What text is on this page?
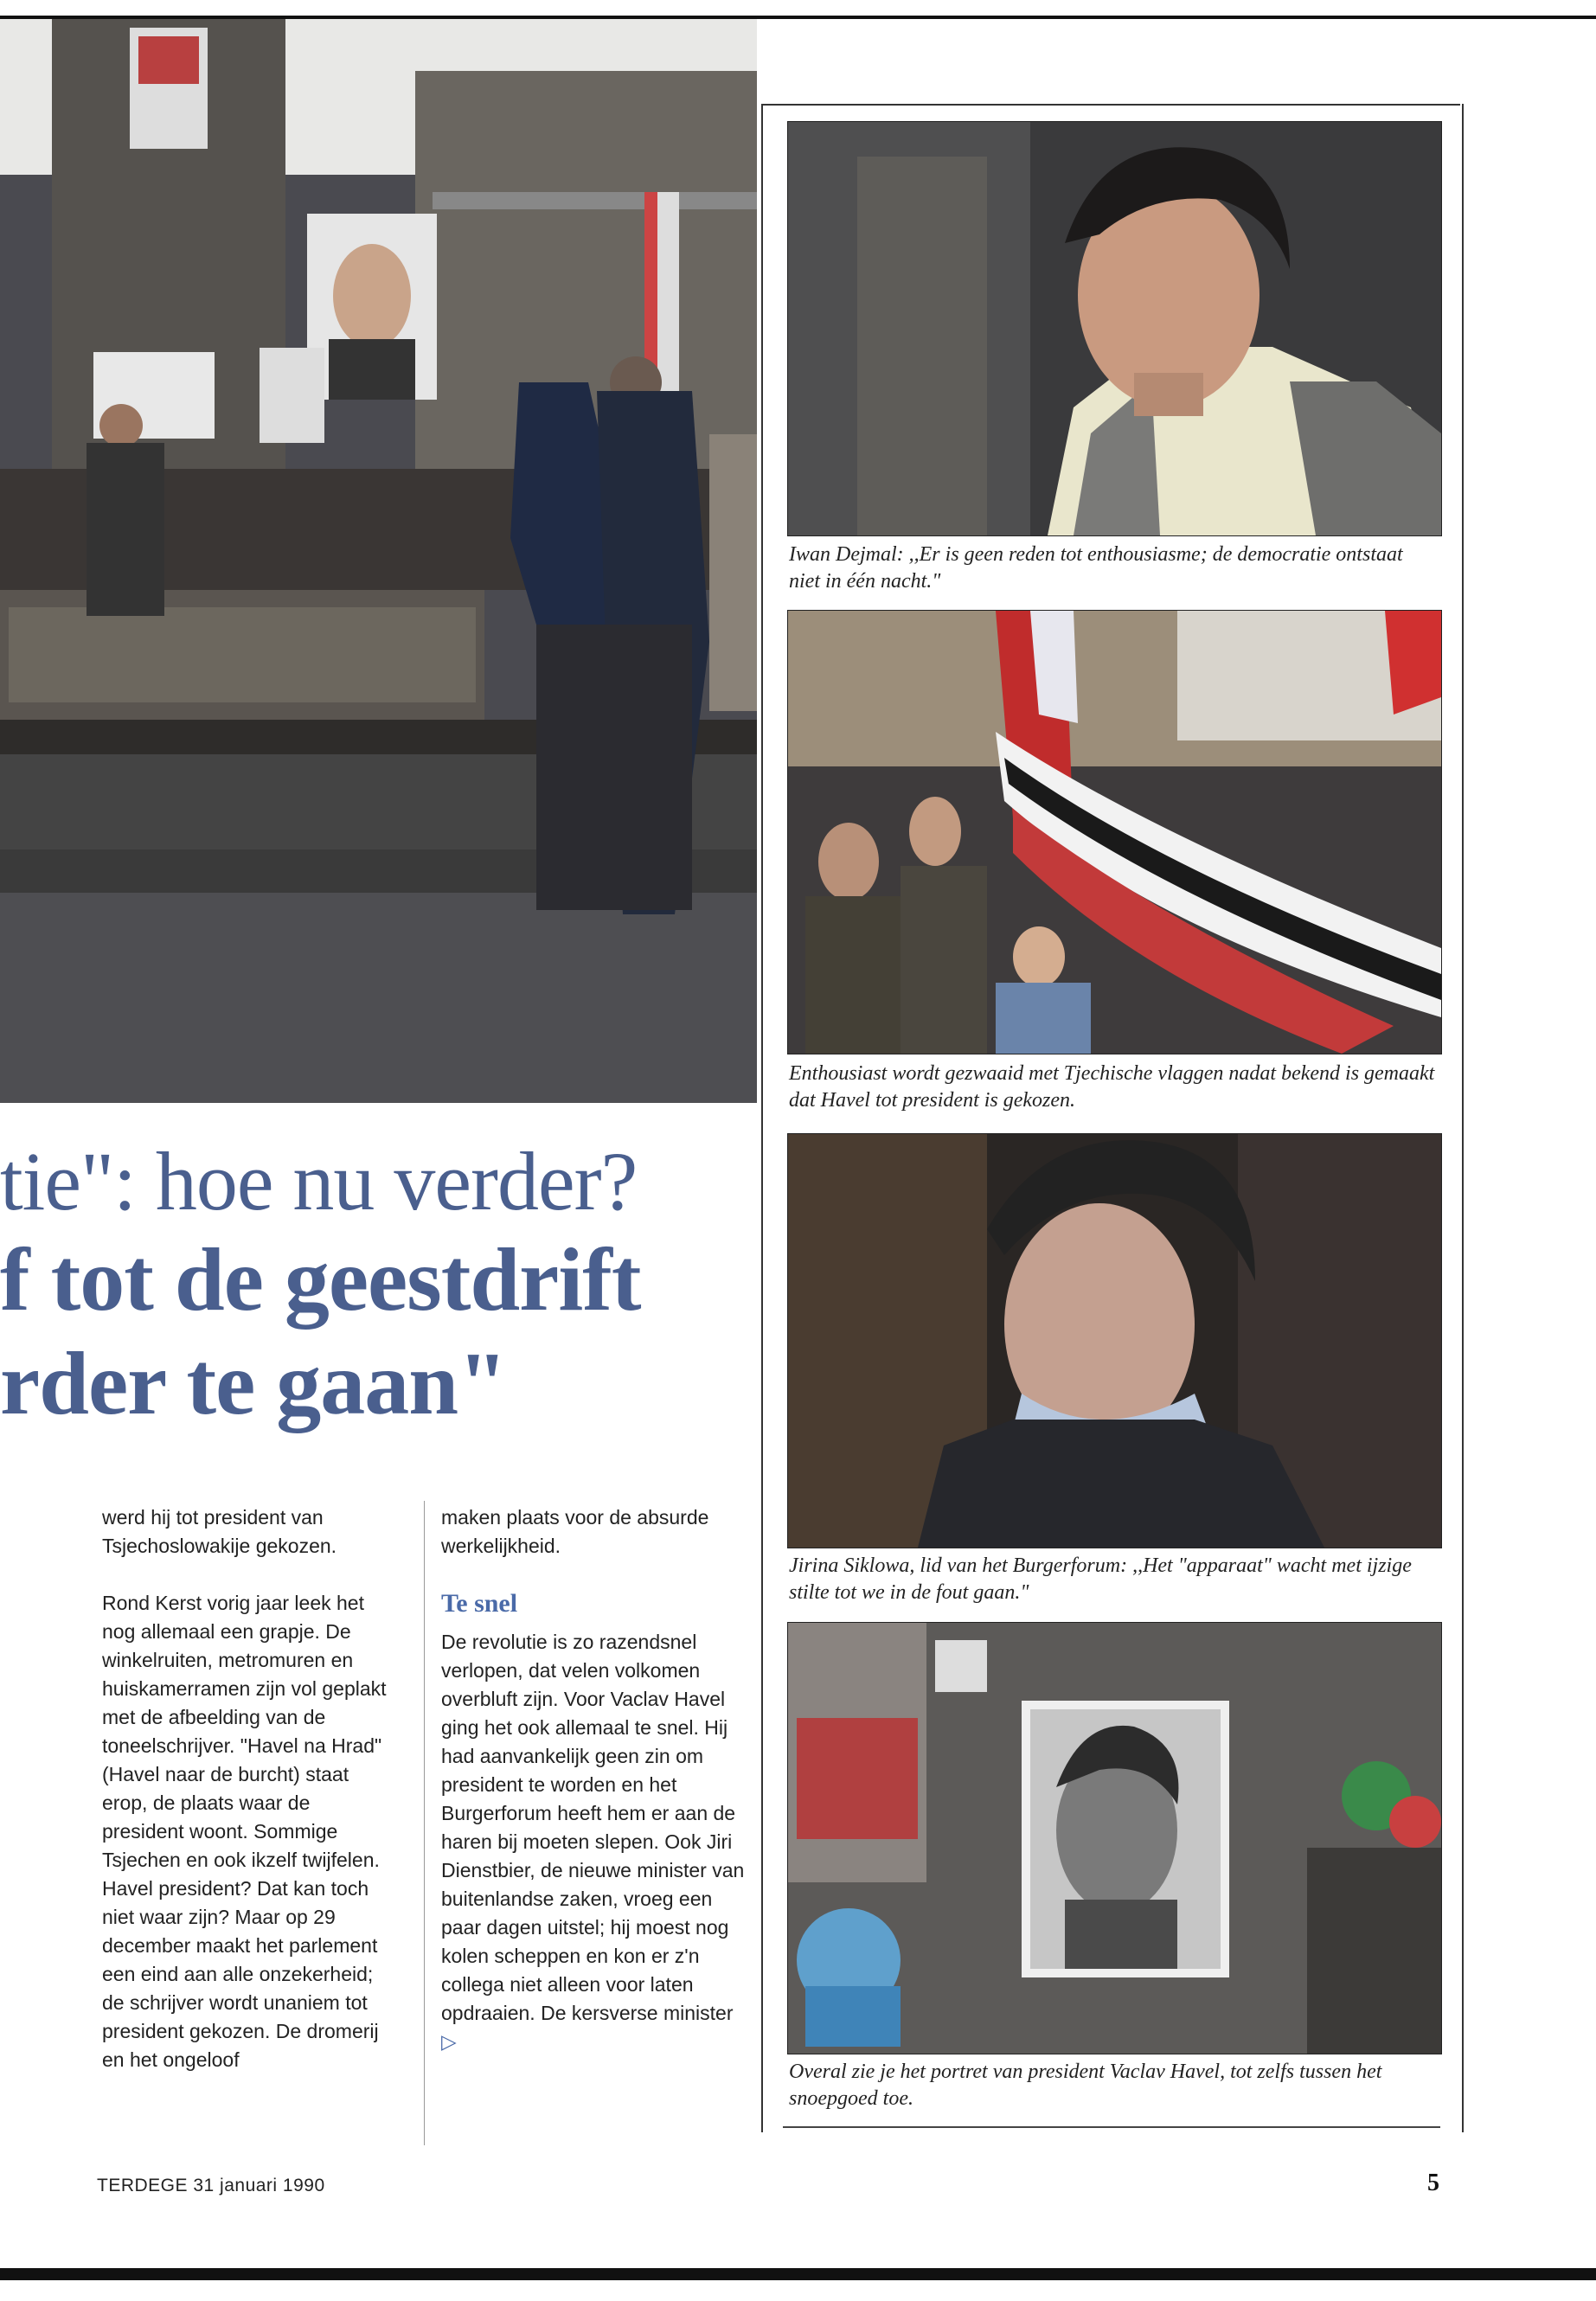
Iwan Dejmal: ,,Er is geen reden tot enthousiasme; de democratie ontstaat niet in één nacht."
Enthousiast wordt gezwaaid met Tjechische vlaggen nadat bekend is gemaakt dat Havel tot president is gekozen.
Jirina Siklowa, lid van het Burgerforum: ,,Het "apparaat" wacht met ijzige stilte tot we in de fout gaan."
Overal zie je het portret van president Vaclav Havel, tot zelfs tussen het snoepgoed toe.
tie": hoe nu verder?
f tot de geestdrift
rder te gaan"

werd hij tot president van Tsjechoslowakije gekozen.

Rond Kerst vorig jaar leek het nog allemaal een grapje. De winkelruiten, metromuren en huiskamerramen zijn vol geplakt met de afbeelding van de toneelschrijver. "Havel na Hrad" (Havel naar de burcht) staat erop, de plaats waar de president woont. Sommige Tsjechen en ook ikzelf twijfelen. Havel president? Dat kan toch niet waar zijn? Maar op 29 december maakt het parlement een eind aan alle onzekerheid; de schrijver wordt unaniem tot president gekozen. De dromerij en het ongeloof

maken plaats voor de absurde werkelijkheid.

Te snel

De revolutie is zo razendsnel verlopen, dat velen volkomen overbluft zijn. Voor Vaclav Havel ging het ook allemaal te snel. Hij had aanvankelijk geen zin om president te worden en het Burgerforum heeft hem er aan de haren bij moeten slepen. Ook Jiri Dienstbier, de nieuwe minister van buitenlandse zaken, vroeg een paar dagen uitstel; hij moest nog kolen scheppen en kon er z'n collega niet alleen voor laten opdraaien. De kersverse minister ▷

TERDEGE 31 januari 1990	5
